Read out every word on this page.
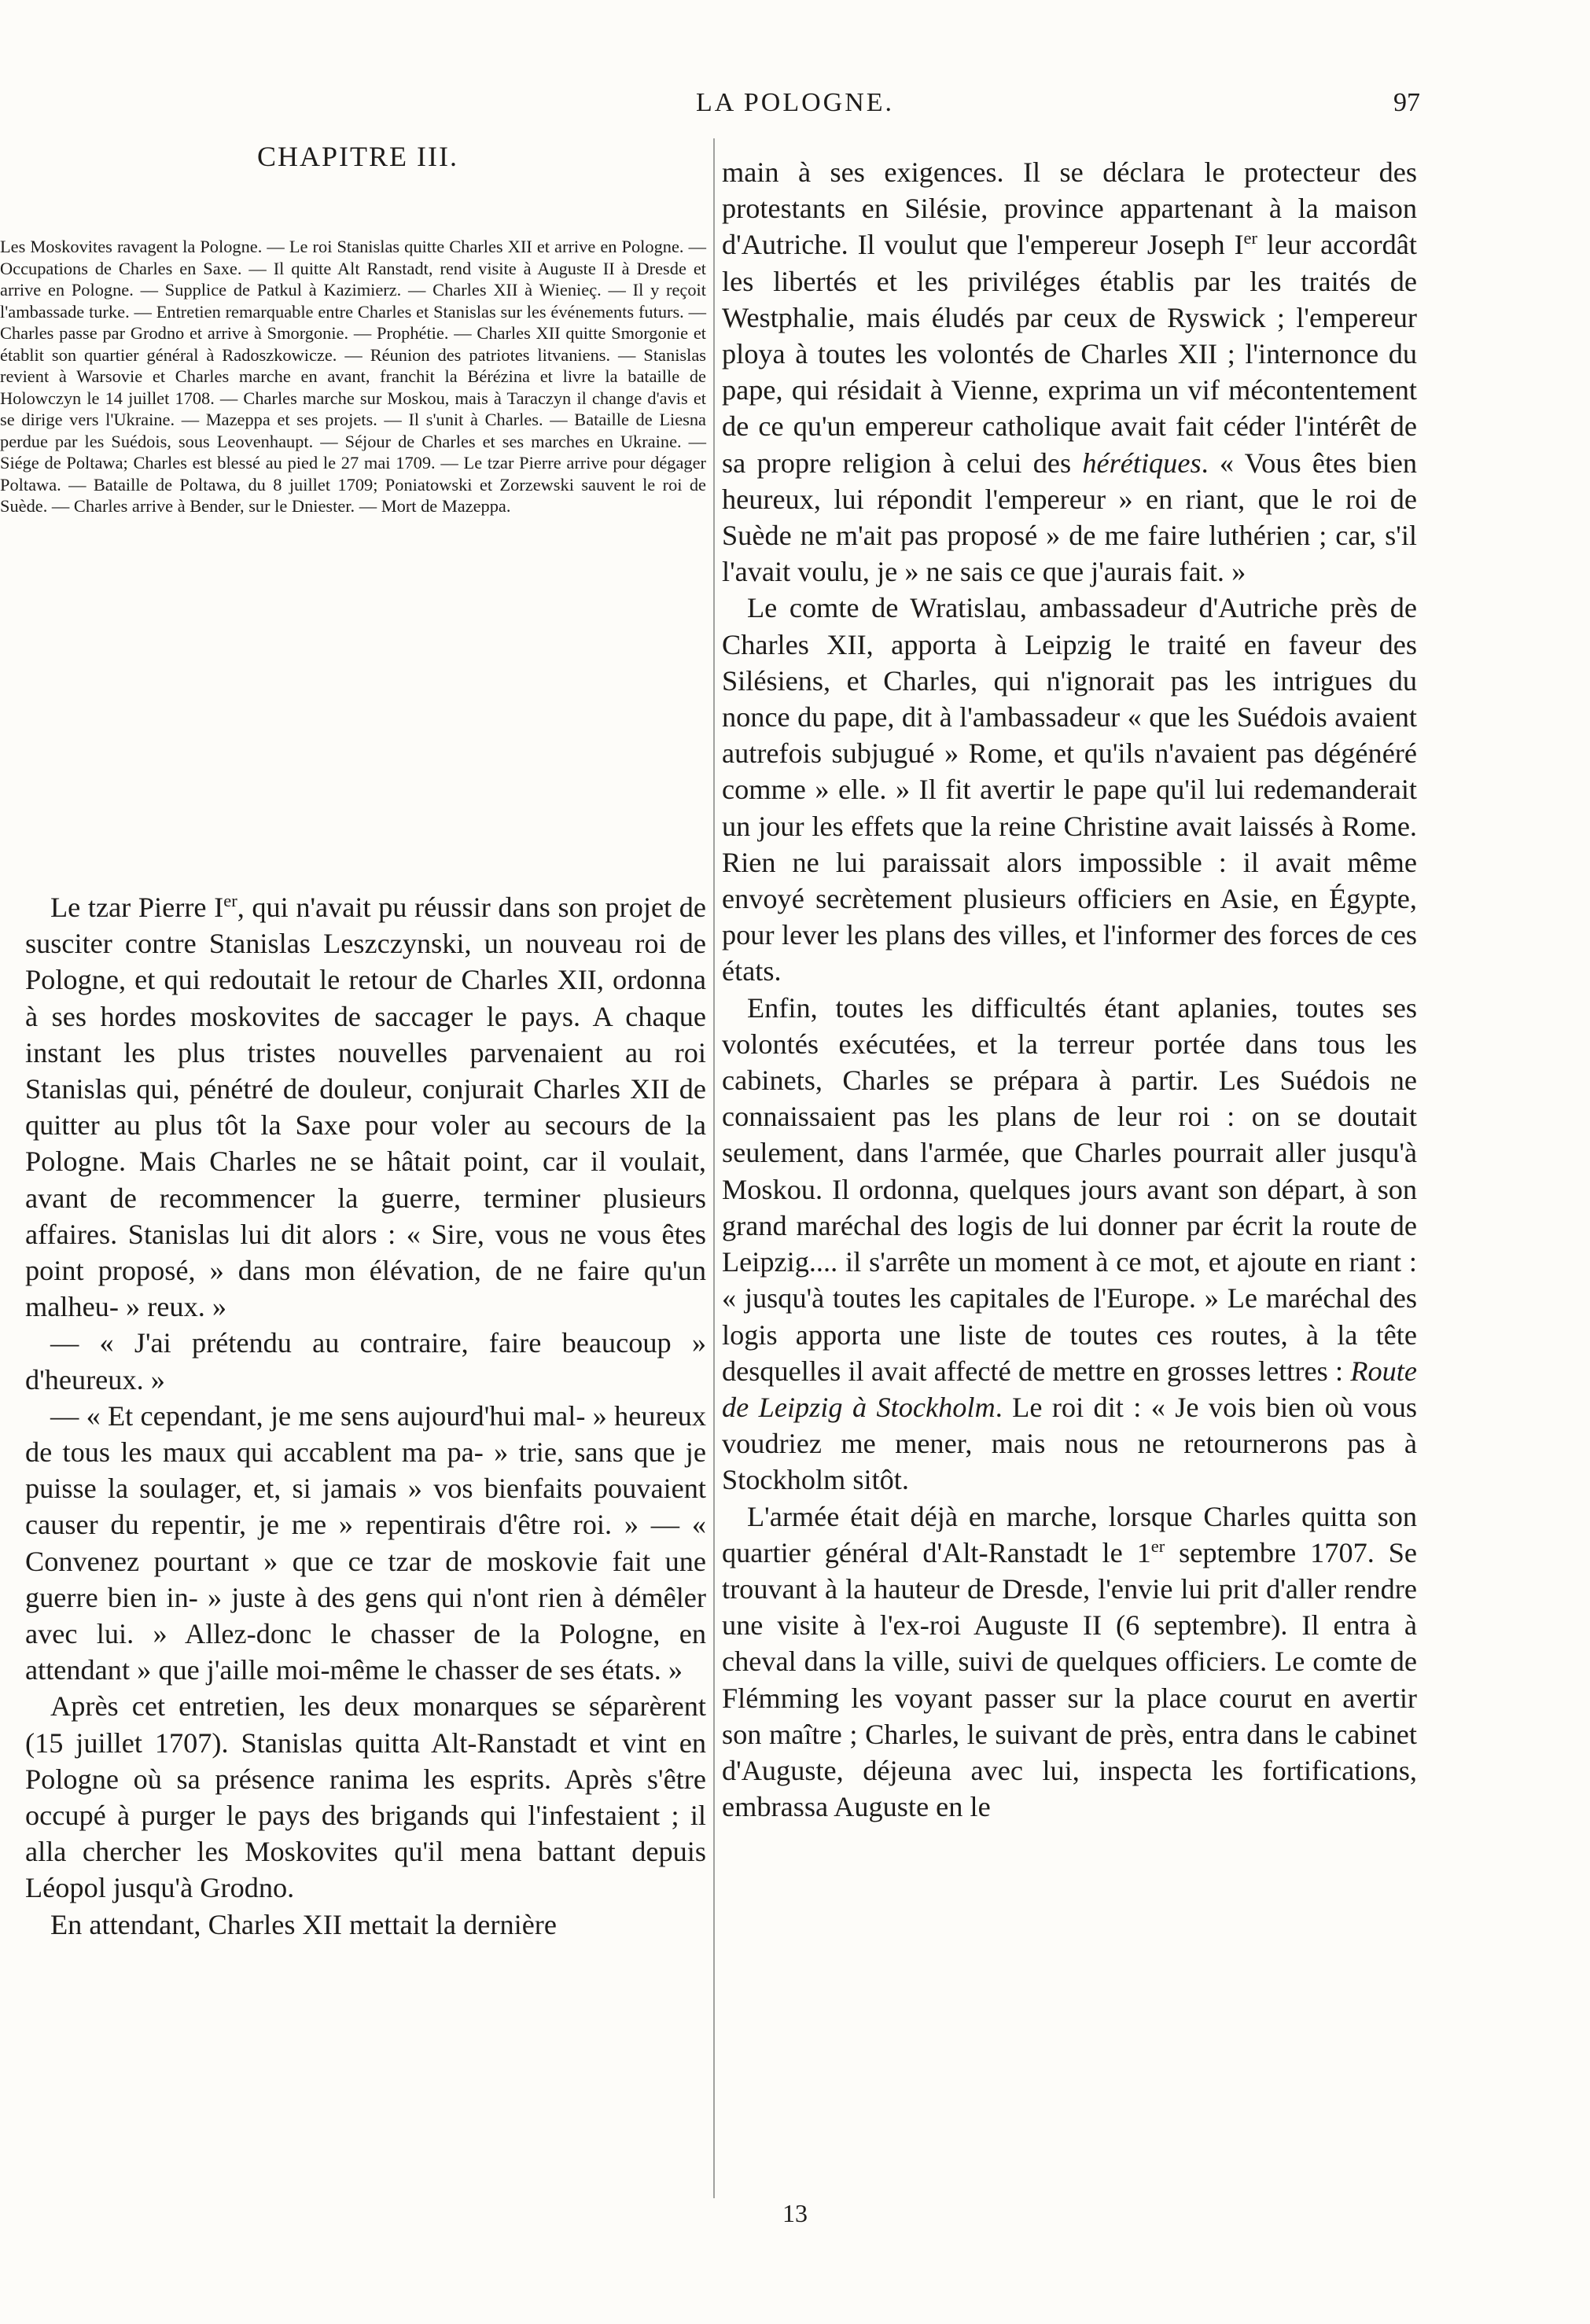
LA POLOGNE.	97
CHAPITRE III.
Les Moskovites ravagent la Pologne. — Le roi Stanislas quitte Charles XII et arrive en Pologne. — Occupations de Charles en Saxe. — Il quitte Alt Ranstadt, rend visite à Auguste II à Dresde et arrive en Pologne. — Supplice de Patkul à Kazimierz. — Charles XII à Wienieç. — Il y reçoit l'ambassade turke. — Entretien remarquable entre Charles et Stanislas sur les événements futurs. — Charles passe par Grodno et arrive à Smorgonie. — Prophétie. — Charles XII quitte Smorgonie et établit son quartier général à Radoszkowicze. — Réunion des patriotes litvaniens. — Stanislas revient à Warsovie et Charles marche en avant, franchit la Bérézina et livre la bataille de Holowczyn le 14 juillet 1708. — Charles marche sur Moskou, mais à Taraczyn il change d'avis et se dirige vers l'Ukraine. — Mazeppa et ses projets. — Il s'unit à Charles. — Bataille de Liesna perdue par les Suédois, sous Leovenhaupt. — Séjour de Charles et ses marches en Ukraine. — Siége de Poltawa; Charles est blessé au pied le 27 mai 1709. — Le tzar Pierre arrive pour dégager Poltawa. — Bataille de Poltawa, du 8 juillet 1709; Poniatowski et Zorzewski sauvent le roi de Suède. — Charles arrive à Bender, sur le Dniester. — Mort de Mazeppa.

Le tzar Pierre Ier, qui n'avait pu réussir dans son projet de susciter contre Stanislas Leszczynski, un nouveau roi de Pologne, et qui redoutait le retour de Charles XII, ordonna à ses hordes moskovites de saccager le pays. A chaque instant les plus tristes nouvelles parvenaient au roi Stanislas qui, pénétré de douleur, conjurait Charles XII de quitter au plus tôt la Saxe pour voler au secours de la Pologne. Mais Charles ne se hâtait point, car il voulait, avant de recommencer la guerre, terminer plusieurs affaires. Stanislas lui dit alors : « Sire, vous ne vous êtes point proposé, » dans mon élévation, de ne faire qu'un malheu- » reux. »

— « J'ai prétendu au contraire, faire beaucoup » d'heureux. »

— « Et cependant, je me sens aujourd'hui mal- » heureux de tous les maux qui accablent ma pa- » trie, sans que je puisse la soulager, et, si jamais » vos bienfaits pouvaient causer du repentir, je me » repentirais d'être roi. » — « Convenez pourtant » que ce tzar de moskovie fait une guerre bien in- » juste à des gens qui n'ont rien à démêler avec lui. » Allez-donc le chasser de la Pologne, en attendant » que j'aille moi-même le chasser de ses états. »

Après cet entretien, les deux monarques se séparèrent (15 juillet 1707). Stanislas quitta Alt-Ranstadt et vint en Pologne où sa présence ranima les esprits. Après s'être occupé à purger le pays des brigands qui l'infestaient ; il alla chercher les Moskovites qu'il mena battant depuis Léopol jusqu'à Grodno.

En attendant, Charles XII mettait la dernière

main à ses exigences. Il se déclara le protecteur des protestants en Silésie, province appartenant à la maison d'Autriche. Il voulut que l'empereur Joseph Ier leur accordât les libertés et les priviléges établis par les traités de Westphalie, mais éludés par ceux de Ryswick ; l'empereur ploya à toutes les volontés de Charles XII ; l'internonce du pape, qui résidait à Vienne, exprima un vif mécontentement de ce qu'un empereur catholique avait fait céder l'intérêt de sa propre religion à celui des hérétiques. « Vous êtes bien heureux, lui répondit l'empereur » en riant, que le roi de Suède ne m'ait pas proposé » de me faire luthérien ; car, s'il l'avait voulu, je » ne sais ce que j'aurais fait. »

Le comte de Wratislau, ambassadeur d'Autriche près de Charles XII, apporta à Leipzig le traité en faveur des Silésiens, et Charles, qui n'ignorait pas les intrigues du nonce du pape, dit à l'ambassadeur « que les Suédois avaient autrefois subjugué » Rome, et qu'ils n'avaient pas dégénéré comme » elle. » Il fit avertir le pape qu'il lui redemanderait un jour les effets que la reine Christine avait laissés à Rome. Rien ne lui paraissait alors impossible : il avait même envoyé secrètement plusieurs officiers en Asie, en Égypte, pour lever les plans des villes, et l'informer des forces de ces états.

Enfin, toutes les difficultés étant aplanies, toutes ses volontés exécutées, et la terreur portée dans tous les cabinets, Charles se prépara à partir. Les Suédois ne connaissaient pas les plans de leur roi : on se doutait seulement, dans l'armée, que Charles pourrait aller jusqu'à Moskou. Il ordonna, quelques jours avant son départ, à son grand maréchal des logis de lui donner par écrit la route de Leipzig.... il s'arrête un moment à ce mot, et ajoute en riant : « jusqu'à toutes les capitales de l'Europe. » Le maréchal des logis apporta une liste de toutes ces routes, à la tête desquelles il avait affecté de mettre en grosses lettres : Route de Leipzig à Stockholm. Le roi dit : « Je vois bien où vous voudriez me mener, mais nous ne retournerons pas à Stockholm sitôt.

L'armée était déjà en marche, lorsque Charles quitta son quartier général d'Alt-Ranstadt le 1er septembre 1707. Se trouvant à la hauteur de Dresde, l'envie lui prit d'aller rendre une visite à l'ex-roi Auguste II (6 septembre). Il entra à cheval dans la ville, suivi de quelques officiers. Le comte de Flémming les voyant passer sur la place courut en avertir son maître ; Charles, le suivant de près, entra dans le cabinet d'Auguste, déjeuna avec lui, inspecta les fortifications, embrassa Auguste en le

13
